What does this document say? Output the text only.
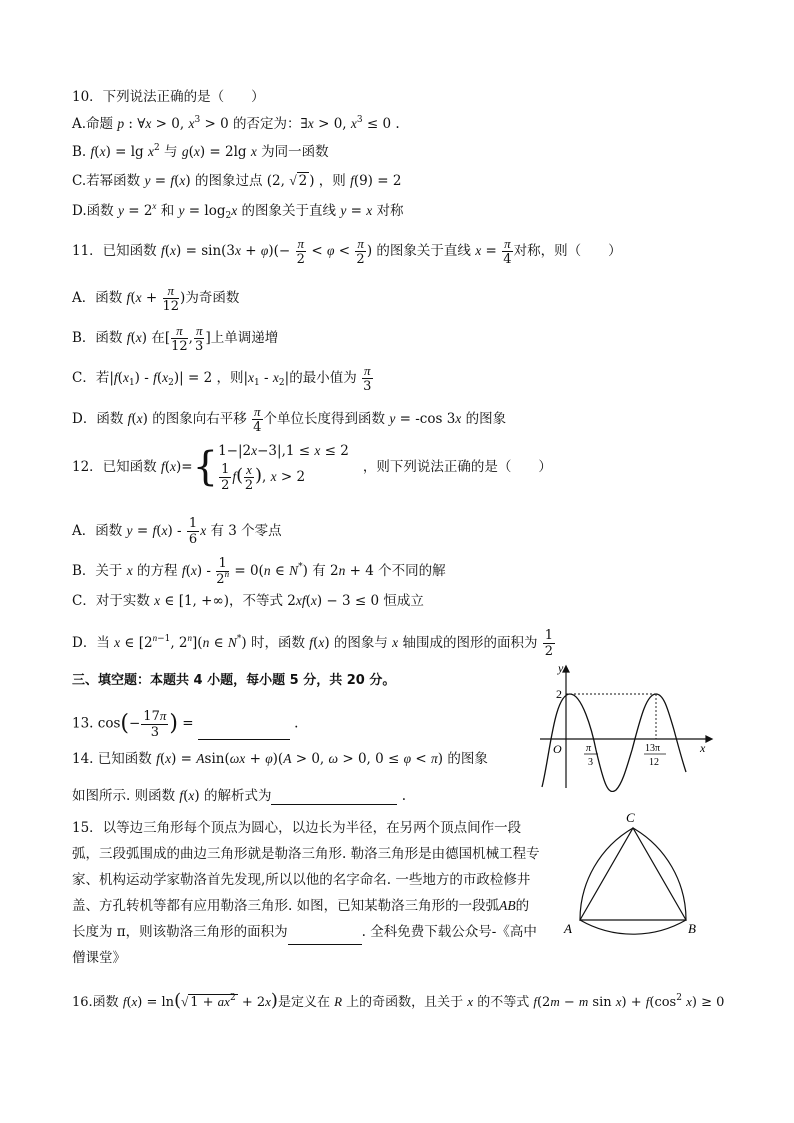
10．下列说法正确的是（　　）
A.命题 p : ∀x > 0, $x^3 > 0$ 的否定为：∃x > 0, $x^3 \le 0$ .
B. $f(x) = \lg x^2$ 与 g(x) = 2lg x 为同一函数
C.若幂函数 y = f(x) 的图象过点 (2, √ 2 ) ，则 f(9) = 2
D.函数 $y = 2^x$ 和 $y = \log_2x$ 的图象关于直线 y = x 对称
11．已知函数 $f(x) = \sin(3x + \varphi)(- \frac{\pi}{2} < \varphi < \frac{\pi}{2}$ ) 的图象关于直线 $x = \frac{\pi}{4}$ 对称，则（　　）
A．函数 $f(x + \frac{\pi}{12}$ )为奇函数
B．函数 f(x) 在[ $\frac{\pi}{12}$ , $\frac{\pi}{3}$ ]上单调递增
C．若$|f(x_1) - f(x_2)| = 2$ ，则$|x_1 - x_2|$的最小值为 $\frac{\pi}{3}$
D．函数 f(x) 的图象向右平移 $\frac{\pi}{4}$ 个单位长度得到函数 y = -cos 3x 的图象
12．已知函数 f(x)={ 1−|2x−3|,1 ≤ x ≤ 2
$\frac{1}{2} f( \frac{x}{2}$ ), x > 2
，则下列说法正确的是（　　）
A．函数 $y = f(x) - \frac{1}{6}$ x 有 3 个零点
B．关于 x 的方程 $f(x) - \frac{1}{2^n} = 0(n$ ∈ N*) 有 2n + 4 个不同的解
C．对于实数 x ∈ [1, +∞)，不等式 2xf(x) − 3 ≤ 0 恒成立
D．当 x ∈ [$2^{n-1}$, 2$^n$](n ∈ N*) 时，函数 f(x) 的图象与 x 轴围成的图形的面积为 $\frac{1}{2}$
三、填空题：本题共 4 小题，每小题 5 分，共 20 分。
13. $\cos(- \frac{17\pi}{3}$ ) =	.
14. 已知函数 f(x) = Asin(ωx + φ)(A > 0, ω > 0, 0 ≤ φ < π) 的图象
如图所示. 则函数 f(x) 的解析式为	.
y
x
O
2
π
3
13π
12
15．以等边三角形每个顶点为圆心，以边长为半径，在另两个顶点间作一段弧，三段弧围成的曲边三角形就是勒洛三角形. 勒洛三角形是由德国机械工程专家、机构运动学家勒洛首先发现,所以以他的名字命名. 一些地方的市政检修井盖、方孔转机等都有应用勒洛三角形. 如图，已知某勒洛三角形的一段弧AB的长度为 π，则该勒洛三角形的面积为	. 全科免费下载公众号-《高中僧课堂》
C
A	B
16.函数 f(x) = ln(√ $1 + ax^2 + 2x$)是定义在 R 上的奇函数，且关于 x 的不等式 f(2m − m $\sin x) + f(\cos^2$ x) ≥ 0
